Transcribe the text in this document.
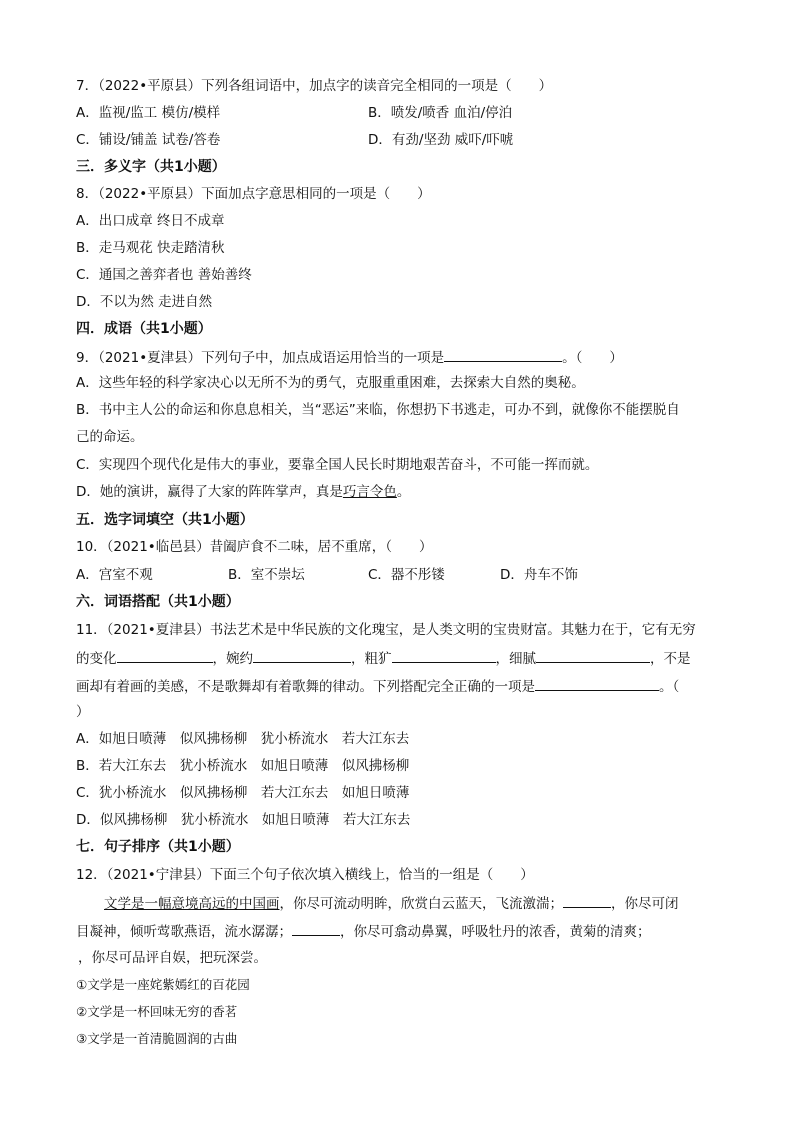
7．（2022•平原县）下列各组词语中，加点字的读音完全相同的一项是（　　）
A．监视/监工 模仿/模样	B．喷发/喷香 血泊/停泊
C．铺设/铺盖 试卷/答卷	D．有劲/坚劲 威吓/吓唬
三．多义字（共1小题）
8．（2022•平原县）下面加点字意思相同的一项是（　　）
A．出口成章 终日不成章
B．走马观花 快走踏清秋
C．通国之善弈者也 善始善终
D．不以为然 走进自然
四．成语（共1小题）
9．（2021•夏津县）下列句子中，加点成语运用恰当的一项是	。（　　）
A．这些年轻的科学家决心以无所不为的勇气，克服重重困难，去探索大自然的奥秘。
B．书中主人公的命运和你息息相关，当“恶运”来临，你想扔下书逃走，可办不到，就像你不能摆脱自
己的命运。
C．实现四个现代化是伟大的事业，要靠全国人民长时期地艰苦奋斗，不可能一挥而就。
D．她的演讲，赢得了大家的阵阵掌声，真是巧言令色。
五．选字词填空（共1小题）
10．（2021•临邑县）昔阖庐食不二味，居不重席，（　　）
A．宫室不观	B．室不崇坛	C．器不彤镂	D．舟车不饰
六．词语搭配（共1小题）
11．（2021•夏津县）书法艺术是中华民族的文化瑰宝，是人类文明的宝贵财富。其魅力在于，它有无穷
的变化	，婉约	，粗犷	，细腻	，不是
画却有着画的美感，不是歌舞却有着歌舞的律动。下列搭配完全正确的一项是	。（
）
A．如旭日喷薄　似风拂杨柳　犹小桥流水　若大江东去
B．若大江东去　犹小桥流水　如旭日喷薄　似风拂杨柳
C．犹小桥流水　似风拂杨柳　若大江东去　如旭日喷薄
D．似风拂杨柳　犹小桥流水　如旭日喷薄　若大江东去
七．句子排序（共1小题）
12．（2021•宁津县）下面三个句子依次填入横线上，恰当的一组是（　　）
文学是一幅意境高远的中国画，你尽可流动明眸，欣赏白云蓝天，飞流激湍；	，你尽可闭
目凝神，倾听莺歌燕语，流水潺潺；	，你尽可翕动鼻翼，呼吸牡丹的浓香，黄菊的清爽；
，你尽可品评自娱，把玩深尝。
①文学是一座姹紫嫣红的百花园
②文学是一杯回味无穷的香茗
③文学是一首清脆圆润的古曲
